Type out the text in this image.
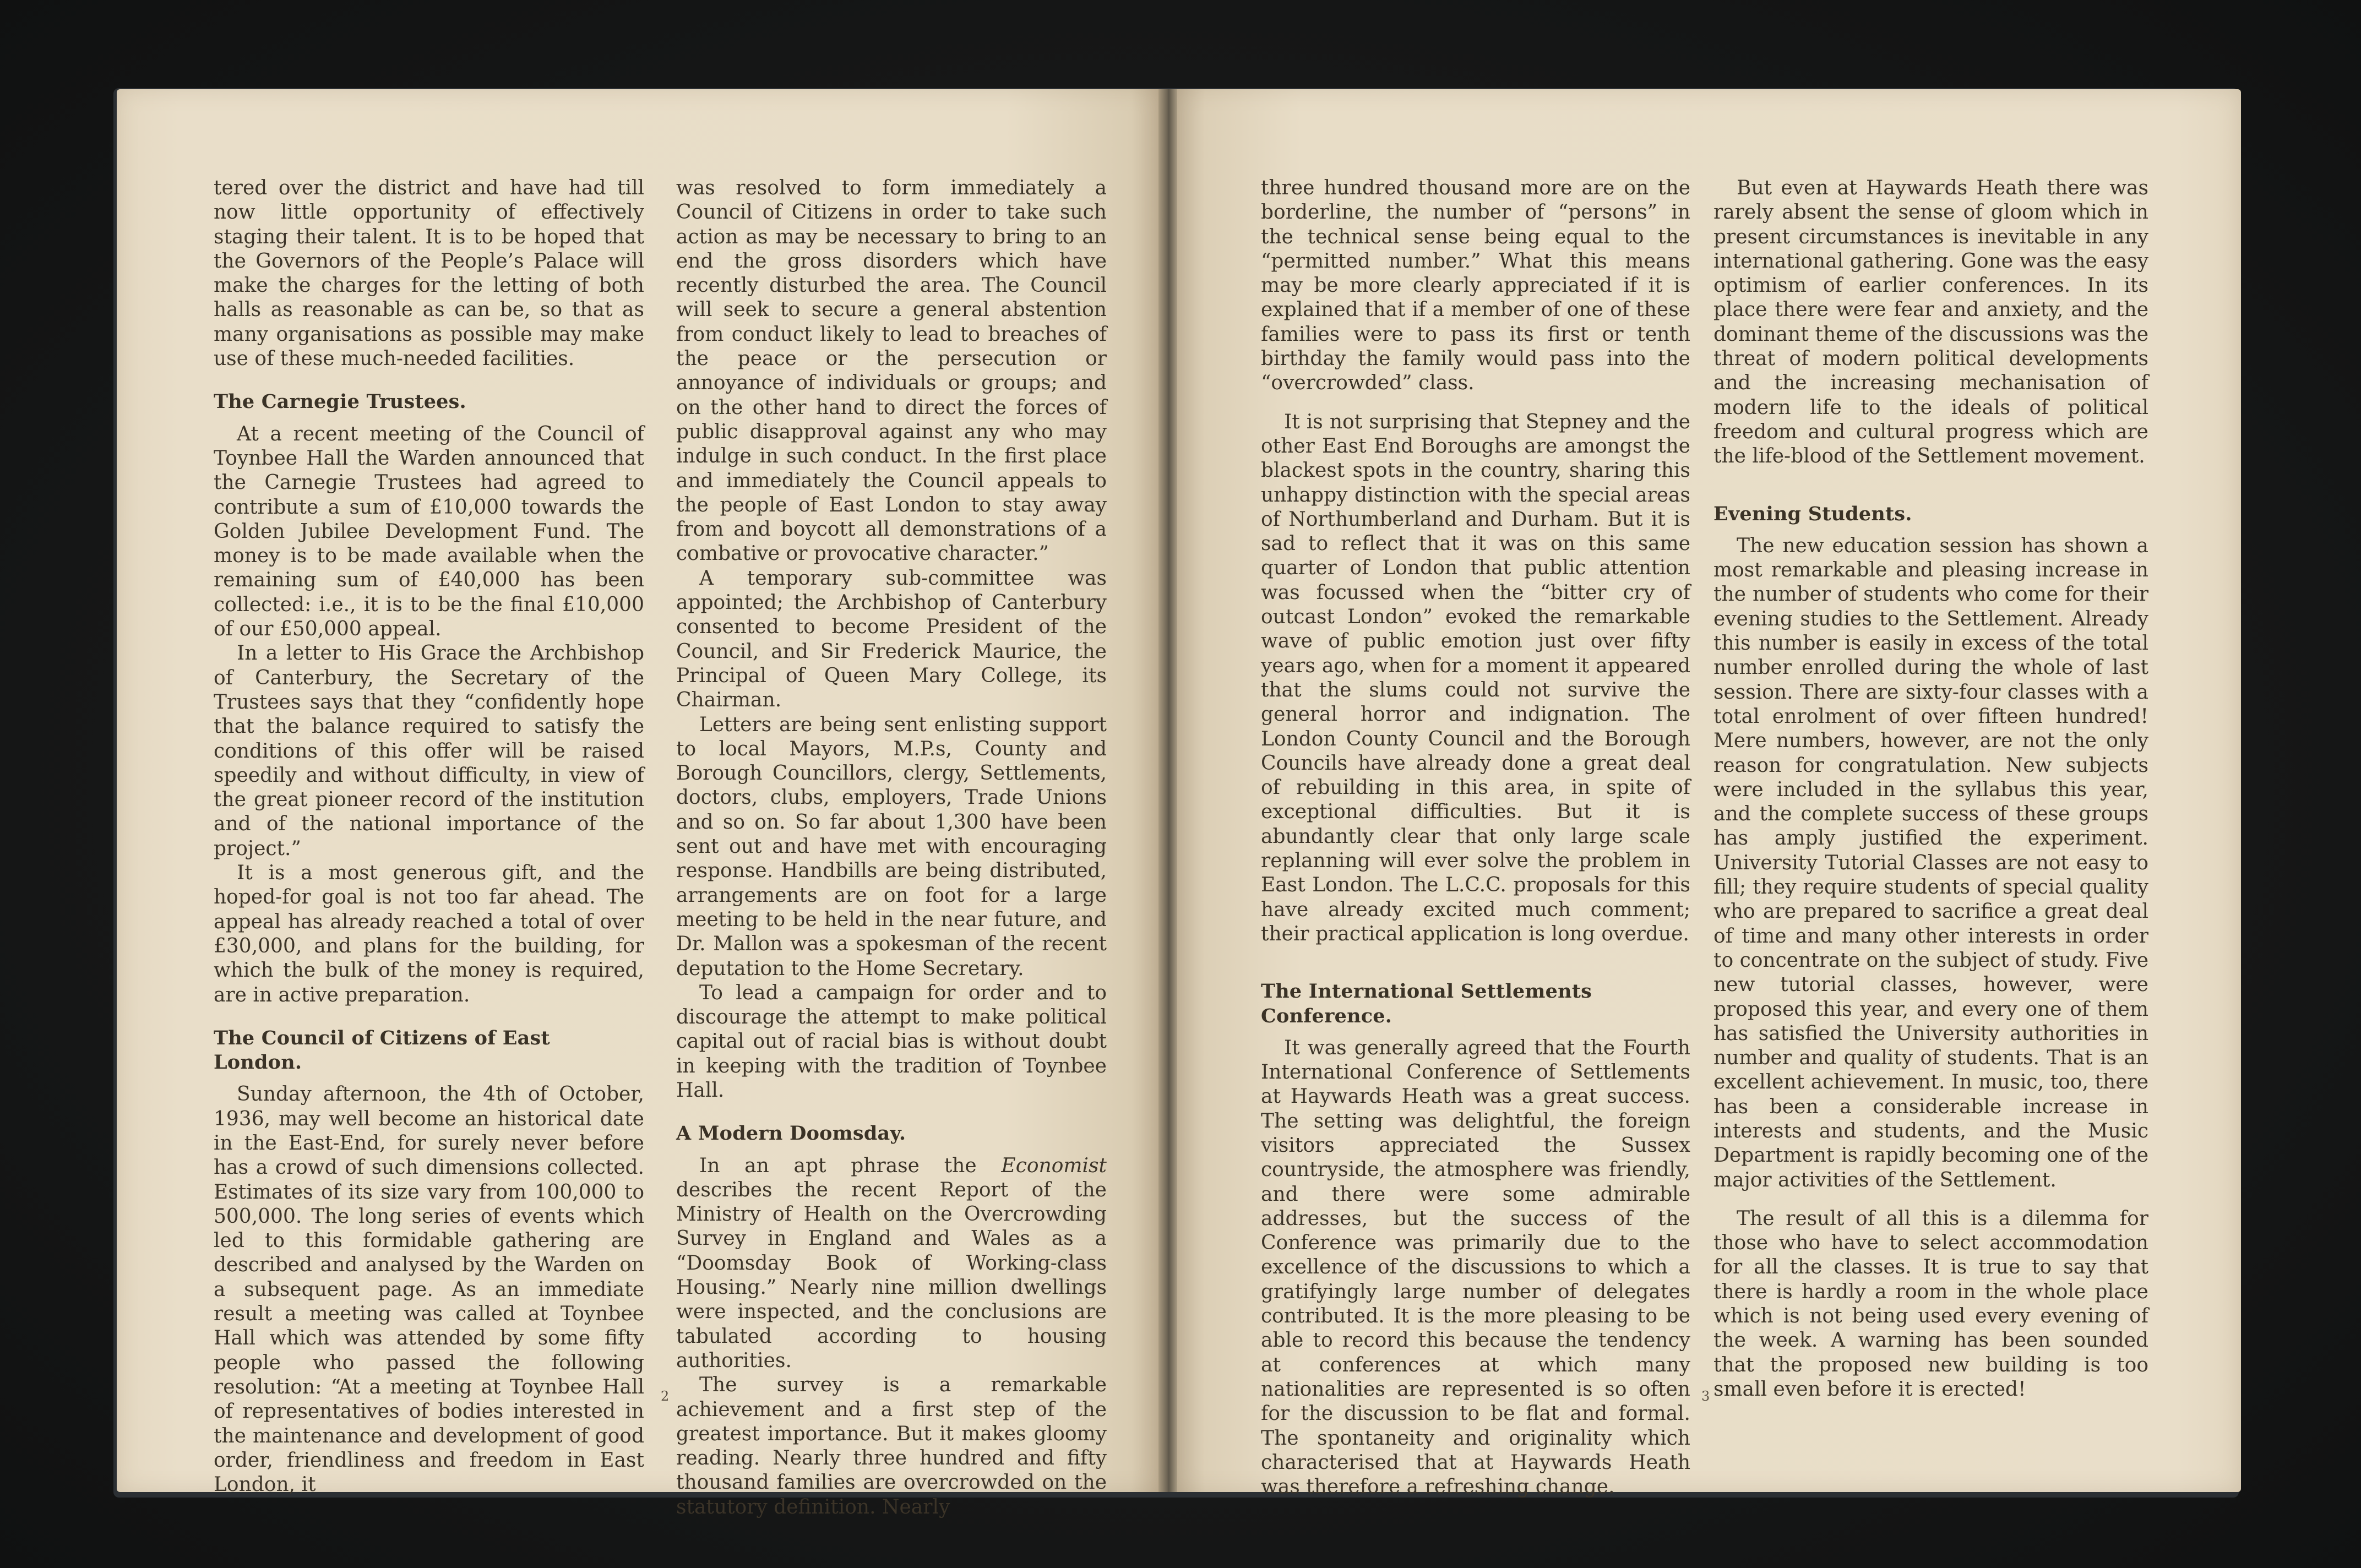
tered over the district and have had till now little opportunity of effectively staging their talent. It is to be hoped that the Governors of the People’s Palace will make the charges for the letting of both halls as reasonable as can be, so that as many organisations as possible may make use of these much-needed facilities.

The Carnegie Trustees.

At a recent meeting of the Council of Toynbee Hall the Warden announced that the Carnegie Trustees had agreed to contribute a sum of £10,000 towards the Golden Jubilee Development Fund. The money is to be made available when the remaining sum of £40,000 has been collected: i.e., it is to be the final £10,000 of our £50,000 appeal.

In a letter to His Grace the Archbishop of Canterbury, the Secretary of the Trustees says that they “confidently hope that the balance required to satisfy the conditions of this offer will be raised speedily and without difficulty, in view of the great pioneer record of the institution and of the national importance of the project.”

It is a most generous gift, and the hoped-for goal is not too far ahead. The appeal has already reached a total of over £30,000, and plans for the building, for which the bulk of the money is required, are in active preparation.

The Council of Citizens of East London.

Sunday afternoon, the 4th of October, 1936, may well become an historical date in the East-End, for surely never before has a crowd of such dimensions collected. Estimates of its size vary from 100,000 to 500,000. The long series of events which led to this formidable gathering are described and analysed by the Warden on a subsequent page. As an immediate result a meeting was called at Toynbee Hall which was attended by some fifty people who passed the following resolution: “At a meeting at Toynbee Hall of representatives of bodies interested in the maintenance and development of good order, friendliness and freedom in East London, it

was resolved to form immediately a Council of Citizens in order to take such action as may be necessary to bring to an end the gross disorders which have recently disturbed the area. The Council will seek to secure a general abstention from conduct likely to lead to breaches of the peace or the persecution or annoyance of individuals or groups; and on the other hand to direct the forces of public disapproval against any who may indulge in such conduct. In the first place and immediately the Council appeals to the people of East London to stay away from and boycott all demonstrations of a combative or provocative character.”

A temporary sub-committee was appointed; the Archbishop of Canterbury consented to become President of the Council, and Sir Frederick Maurice, the Principal of Queen Mary College, its Chairman.

Letters are being sent enlisting support to local Mayors, M.P.s, County and Borough Councillors, clergy, Settlements, doctors, clubs, employers, Trade Unions and so on. So far about 1,300 have been sent out and have met with encouraging response. Handbills are being distributed, arrangements are on foot for a large meeting to be held in the near future, and Dr. Mallon was a spokesman of the recent deputation to the Home Secretary.

To lead a campaign for order and to discourage the attempt to make political capital out of racial bias is without doubt in keeping with the tradition of Toynbee Hall.

A Modern Doomsday.

In an apt phrase the Economist describes the recent Report of the Ministry of Health on the Overcrowding Survey in England and Wales as a “Doomsday Book of Working-class Housing.” Nearly nine million dwellings were inspected, and the conclusions are tabulated according to housing authorities.

The survey is a remarkable achievement and a first step of the greatest importance. But it makes gloomy reading. Nearly three hundred and fifty thousand families are overcrowded on the statutory definition. Nearly

2

three hundred thousand more are on the borderline, the number of “persons” in the technical sense being equal to the “permitted number.” What this means may be more clearly appreciated if it is explained that if a member of one of these families were to pass its first or tenth birthday the family would pass into the “overcrowded” class.

It is not surprising that Stepney and the other East End Boroughs are amongst the blackest spots in the country, sharing this unhappy distinction with the special areas of Northumberland and Durham. But it is sad to reflect that it was on this same quarter of London that public attention was focussed when the “bitter cry of outcast London” evoked the remarkable wave of public emotion just over fifty years ago, when for a moment it appeared that the slums could not survive the general horror and indignation. The London County Council and the Borough Councils have already done a great deal of rebuilding in this area, in spite of exceptional difficulties. But it is abundantly clear that only large scale replanning will ever solve the problem in East London. The L.C.C. proposals for this have already excited much comment; their practical application is long overdue.

The International Settlements Conference.

It was generally agreed that the Fourth International Conference of Settlements at Haywards Heath was a great success. The setting was delightful, the foreign visitors appreciated the Sussex countryside, the atmosphere was friendly, and there were some admirable addresses, but the success of the Conference was primarily due to the excellence of the discussions to which a gratifyingly large number of delegates contributed. It is the more pleasing to be able to record this because the tendency at conferences at which many nationalities are represented is so often for the discussion to be flat and formal. The spontaneity and originality which characterised that at Haywards Heath was therefore a refreshing change.

But even at Haywards Heath there was rarely absent the sense of gloom which in present circumstances is inevitable in any international gathering. Gone was the easy optimism of earlier conferences. In its place there were fear and anxiety, and the dominant theme of the discussions was the threat of modern political developments and the increasing mechanisation of modern life to the ideals of political freedom and cultural progress which are the life-blood of the Settlement movement.

Evening Students.

The new education session has shown a most remarkable and pleasing increase in the number of students who come for their evening studies to the Settlement. Already this number is easily in excess of the total number enrolled during the whole of last session. There are sixty-four classes with a total enrolment of over fifteen hundred! Mere numbers, however, are not the only reason for congratulation. New subjects were included in the syllabus this year, and the complete success of these groups has amply justified the experiment. University Tutorial Classes are not easy to fill; they require students of special quality who are prepared to sacrifice a great deal of time and many other interests in order to concentrate on the subject of study. Five new tutorial classes, however, were proposed this year, and every one of them has satisfied the University authorities in number and quality of students. That is an excellent achievement. In music, too, there has been a considerable increase in interests and students, and the Music Department is rapidly becoming one of the major activities of the Settlement.

The result of all this is a dilemma for those who have to select accommodation for all the classes. It is true to say that there is hardly a room in the whole place which is not being used every evening of the week. A warning has been sounded that the proposed new building is too small even before it is erected!

3
